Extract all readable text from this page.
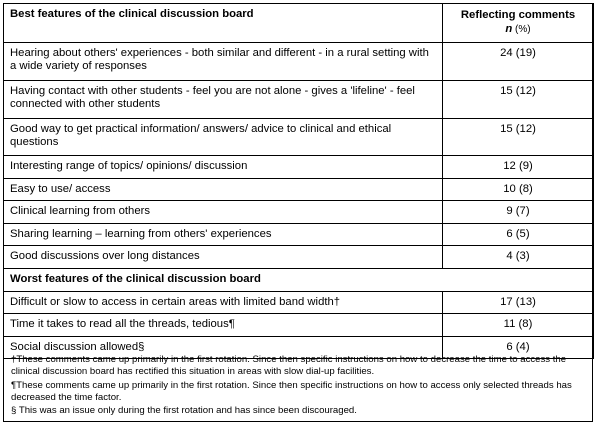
Best features of the clinical discussion board	Reflecting comments
n (%)

Hearing about others' experiences - both similar and different - in a rural setting with a wide variety of responses	24 (19)
Having contact with other students - feel you are not alone - gives a 'lifeline' - feel connected with other students	15 (12)
Good way to get practical information/ answers/ advice to clinical and ethical questions	15 (12)
Interesting range of topics/ opinions/ discussion	12 (9)
Easy to use/ access	10 (8)
Clinical learning from others	9 (7)
Sharing learning – learning from others' experiences	6 (5)
Good discussions over long distances	4 (3)
Worst features of the clinical discussion board	
Difficult or slow to access in certain areas with limited band width†	17 (13)
Time it takes to read all the threads, tedious¶	11 (8)
Social discussion allowed§	6 (4)

†These comments came up primarily in the first rotation. Since then specific instructions on how to decrease the time to access the clinical discussion board has rectified this situation in areas with slow dial-up facilities.

¶These comments came up primarily in the first rotation. Since then specific instructions on how to access only selected threads has decreased the time factor.

§ This was an issue only during the first rotation and has since been discouraged.
